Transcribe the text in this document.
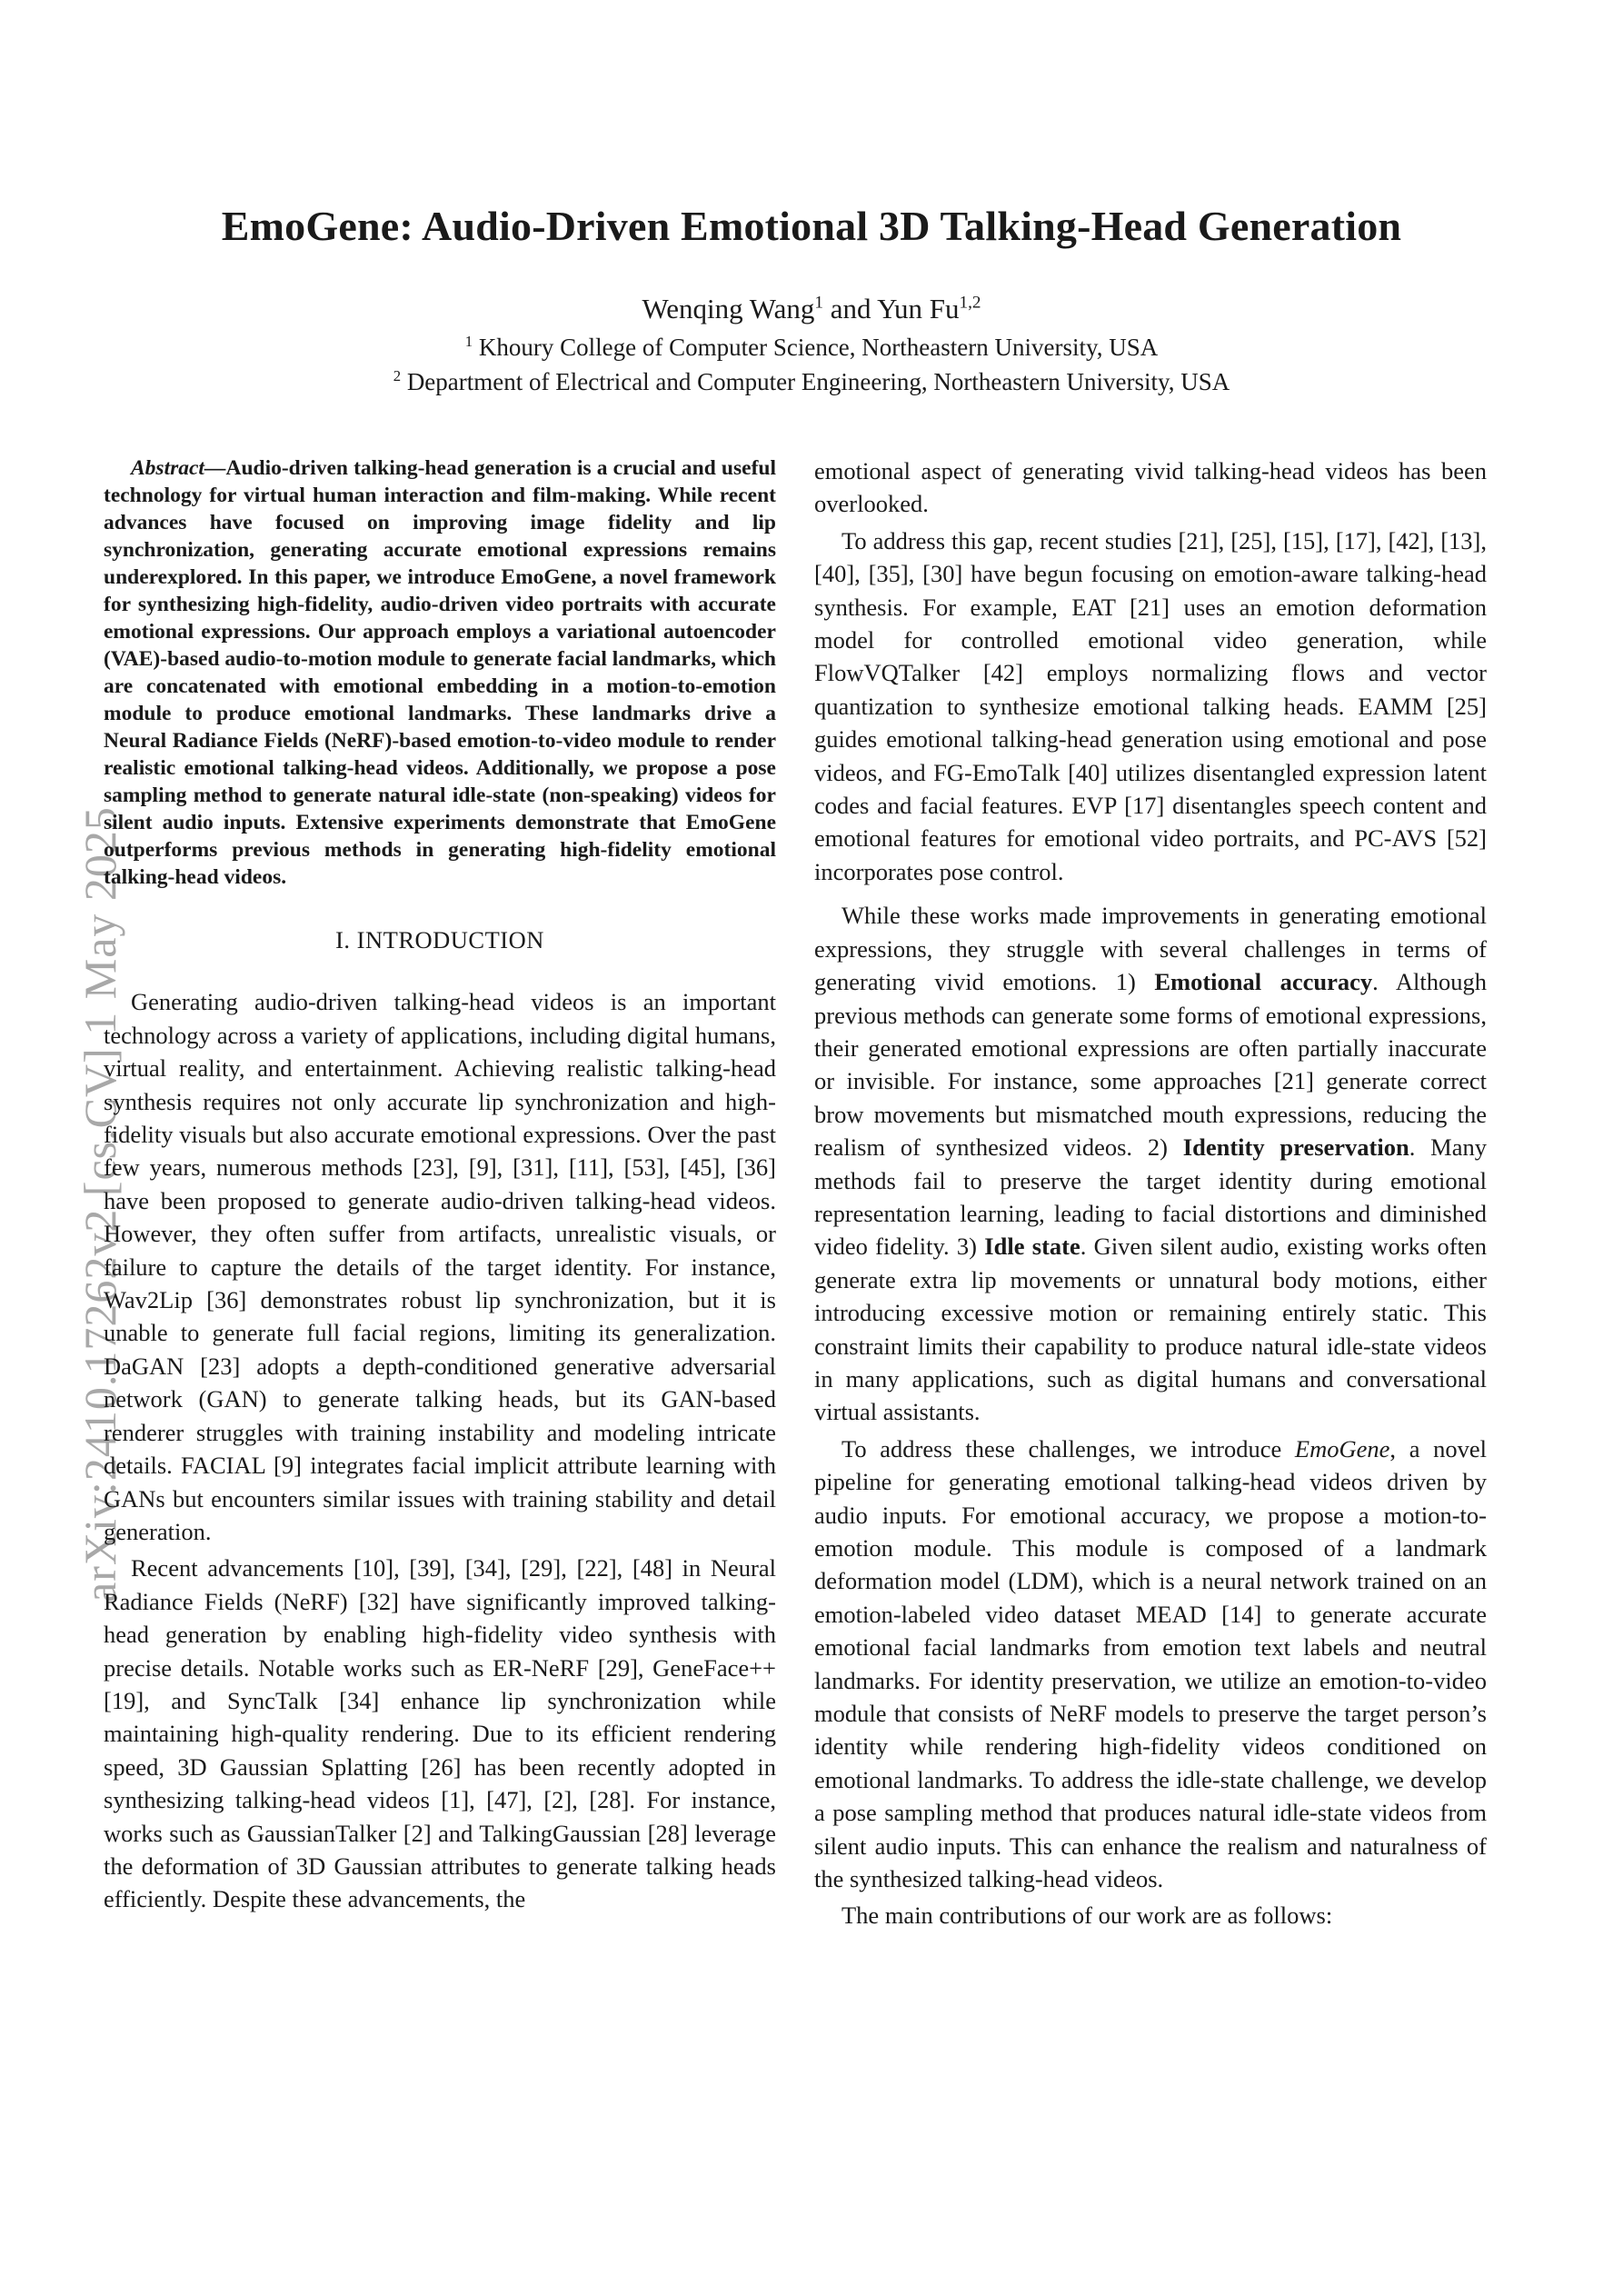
EmoGene: Audio-Driven Emotional 3D Talking-Head Generation
Wenqing Wang$^1$ and Yun Fu$^{1,2}$
$^1$ Khoury College of Computer Science, Northeastern University, USA
$^2$ Department of Electrical and Computer Engineering, Northeastern University, USA
arXiv:2410.17262v2 [cs.CV] 1 May 2025

Abstract—Audio-driven talking-head generation is a crucial and useful technology for virtual human interaction and film-making. While recent advances have focused on improving image fidelity and lip synchronization, generating accurate emotional expressions remains underexplored. In this paper, we introduce EmoGene, a novel framework for synthesizing high-fidelity, audio-driven video portraits with accurate emotional expressions. Our approach employs a variational autoencoder (VAE)-based audio-to-motion module to generate facial landmarks, which are concatenated with emotional embedding in a motion-to-emotion module to produce emotional landmarks. These landmarks drive a Neural Radiance Fields (NeRF)-based emotion-to-video module to render realistic emotional talking-head videos. Additionally, we propose a pose sampling method to generate natural idle-state (non-speaking) videos for silent audio inputs. Extensive experiments demonstrate that EmoGene outperforms previous methods in generating high-fidelity emotional talking-head videos.

I. INTRODUCTION

Generating audio-driven talking-head videos is an important technology across a variety of applications, including digital humans, virtual reality, and entertainment. Achieving realistic talking-head synthesis requires not only accurate lip synchronization and high-fidelity visuals but also accurate emotional expressions. Over the past few years, numerous methods [23], [9], [31], [11], [53], [45], [36] have been proposed to generate audio-driven talking-head videos. However, they often suffer from artifacts, unrealistic visuals, or failure to capture the details of the target identity. For instance, Wav2Lip [36] demonstrates robust lip synchronization, but it is unable to generate full facial regions, limiting its generalization. DaGAN [23] adopts a depth-conditioned generative adversarial network (GAN) to generate talking heads, but its GAN-based renderer struggles with training instability and modeling intricate details. FACIAL [9] integrates facial implicit attribute learning with GANs but encounters similar issues with training stability and detail generation.

Recent advancements [10], [39], [34], [29], [22], [48] in Neural Radiance Fields (NeRF) [32] have significantly improved talking-head generation by enabling high-fidelity video synthesis with precise details. Notable works such as ER-NeRF [29], GeneFace++ [19], and SyncTalk [34] enhance lip synchronization while maintaining high-quality rendering. Due to its efficient rendering speed, 3D Gaussian Splatting [26] has been recently adopted in synthesizing talking-head videos [1], [47], [2], [28]. For instance, works such as GaussianTalker [2] and TalkingGaussian [28] leverage the deformation of 3D Gaussian attributes to generate talking heads efficiently. Despite these advancements, the

emotional aspect of generating vivid talking-head videos has been overlooked.

To address this gap, recent studies [21], [25], [15], [17], [42], [13], [40], [35], [30] have begun focusing on emotion-aware talking-head synthesis. For example, EAT [21] uses an emotion deformation model for controlled emotional video generation, while FlowVQTalker [42] employs normalizing flows and vector quantization to synthesize emotional talking heads. EAMM [25] guides emotional talking-head generation using emotional and pose videos, and FG-EmoTalk [40] utilizes disentangled expression latent codes and facial features. EVP [17] disentangles speech content and emotional features for emotional video portraits, and PC-AVS [52] incorporates pose control.

While these works made improvements in generating emotional expressions, they struggle with several challenges in terms of generating vivid emotions. 1) Emotional accuracy. Although previous methods can generate some forms of emotional expressions, their generated emotional expressions are often partially inaccurate or invisible. For instance, some approaches [21] generate correct brow movements but mismatched mouth expressions, reducing the realism of synthesized videos. 2) Identity preservation. Many methods fail to preserve the target identity during emotional representation learning, leading to facial distortions and diminished video fidelity. 3) Idle state. Given silent audio, existing works often generate extra lip movements or unnatural body motions, either introducing excessive motion or remaining entirely static. This constraint limits their capability to produce natural idle-state videos in many applications, such as digital humans and conversational virtual assistants.

To address these challenges, we introduce EmoGene, a novel pipeline for generating emotional talking-head videos driven by audio inputs. For emotional accuracy, we propose a motion-to-emotion module. This module is composed of a landmark deformation model (LDM), which is a neural network trained on an emotion-labeled video dataset MEAD [14] to generate accurate emotional facial landmarks from emotion text labels and neutral landmarks. For identity preservation, we utilize an emotion-to-video module that consists of NeRF models to preserve the target person’s identity while rendering high-fidelity videos conditioned on emotional landmarks. To address the idle-state challenge, we develop a pose sampling method that produces natural idle-state videos from silent audio inputs. This can enhance the realism and naturalness of the synthesized talking-head videos.

The main contributions of our work are as follows:
